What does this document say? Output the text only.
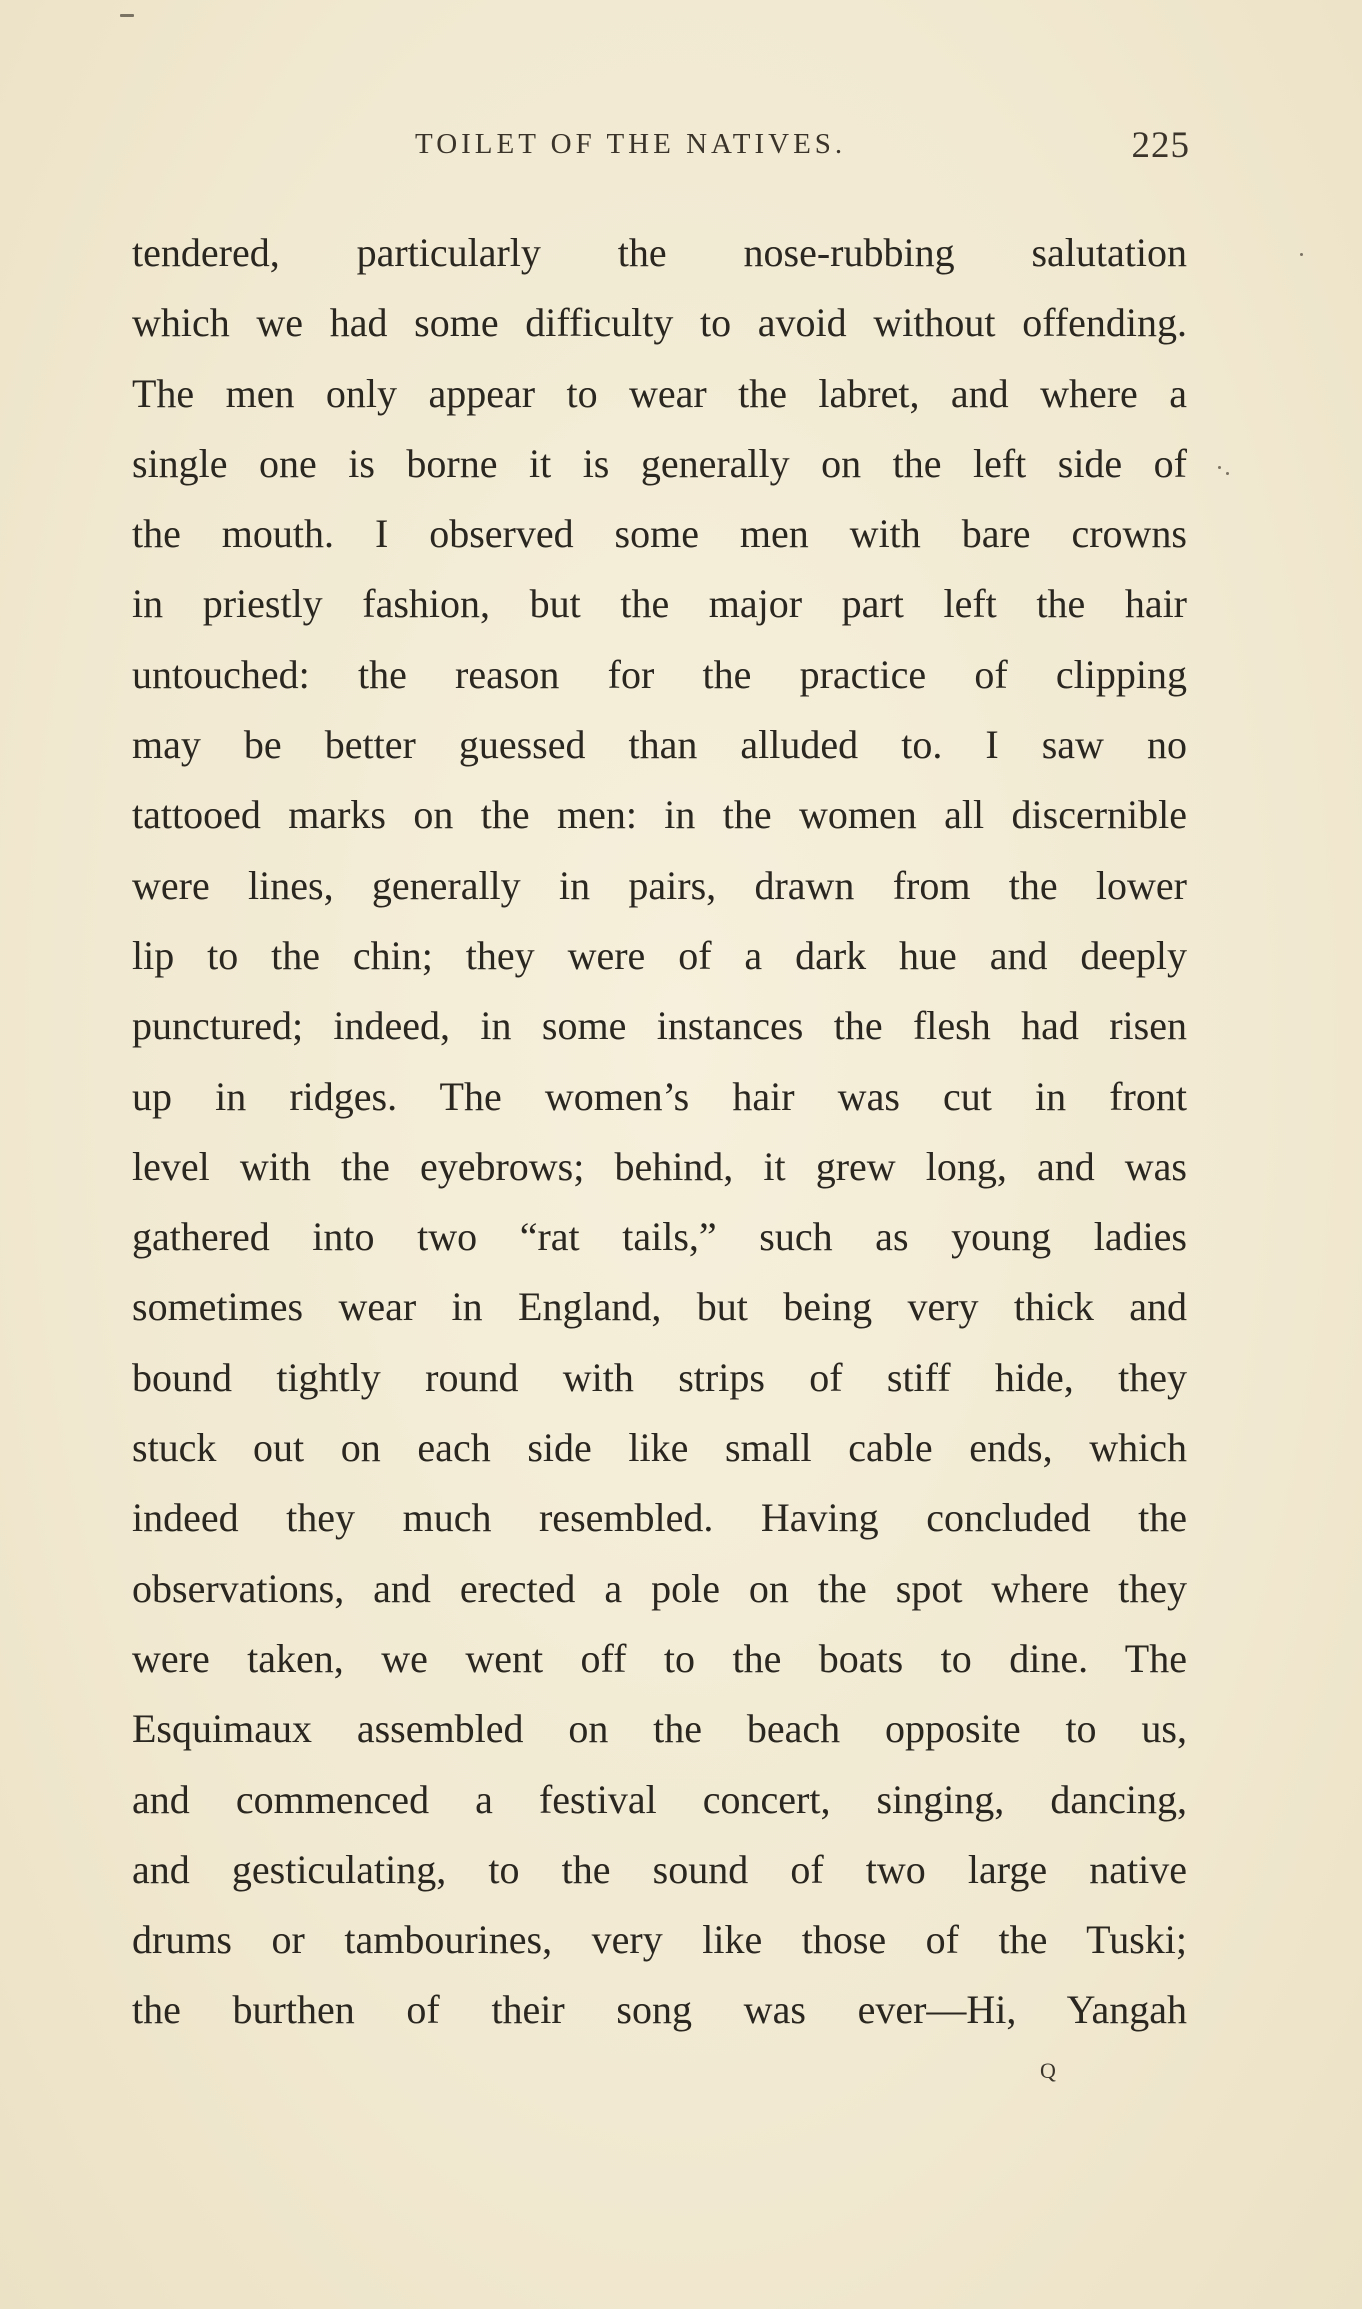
TOILET OF THE NATIVES.	225
tendered, particularly the nose-rubbing salutation
which we had some difficulty to avoid without offending.
The men only appear to wear the labret, and where a
single one is borne it is generally on the left side of
the mouth. I observed some men with bare crowns
in priestly fashion, but the major part left the hair
untouched: the reason for the practice of clipping
may be better guessed than alluded to. I saw no
tattooed marks on the men: in the women all discernible
were lines, generally in pairs, drawn from the lower
lip to the chin; they were of a dark hue and deeply
punctured; indeed, in some instances the flesh had risen
up in ridges. The women’s hair was cut in front
level with the eyebrows; behind, it grew long, and was
gathered into two “rat tails,” such as young ladies
sometimes wear in England, but being very thick and
bound tightly round with strips of stiff hide, they
stuck out on each side like small cable ends, which
indeed they much resembled. Having concluded the
observations, and erected a pole on the spot where they
were taken, we went off to the boats to dine. The
Esquimaux assembled on the beach opposite to us,
and commenced a festival concert, singing, dancing,
and gesticulating, to the sound of two large native
drums or tambourines, very like those of the Tuski;
the burthen of their song was ever—Hi, Yangah
Q
